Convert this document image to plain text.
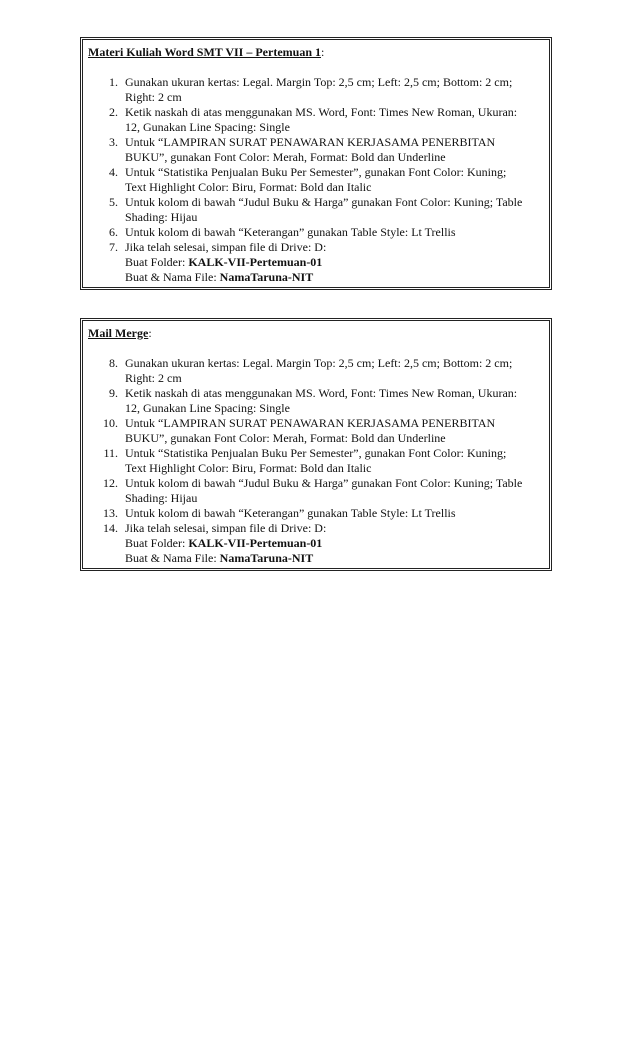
Materi Kuliah Word SMT VII – Pertemuan 1:
1. Gunakan ukuran kertas: Legal. Margin Top: 2,5 cm; Left: 2,5 cm; Bottom: 2 cm;
Right: 2 cm
2. Ketik naskah di atas menggunakan MS. Word, Font: Times New Roman, Ukuran:
12, Gunakan Line Spacing: Single
3. Untuk “LAMPIRAN SURAT PENAWARAN KERJASAMA PENERBITAN
BUKU”, gunakan Font Color: Merah, Format: Bold dan Underline
4. Untuk “Statistika Penjualan Buku Per Semester”, gunakan Font Color: Kuning;
Text Highlight Color: Biru, Format: Bold dan Italic
5. Untuk kolom di bawah “Judul Buku & Harga” gunakan Font Color: Kuning; Table
Shading: Hijau
6. Untuk kolom di bawah “Keterangan” gunakan Table Style: Lt Trellis
7. Jika telah selesai, simpan file di Drive: D:
Buat Folder: KALK-VII-Pertemuan-01
Buat & Nama File: NamaTaruna-NIT
Mail Merge:
8. Gunakan ukuran kertas: Legal. Margin Top: 2,5 cm; Left: 2,5 cm; Bottom: 2 cm;
Right: 2 cm
9. Ketik naskah di atas menggunakan MS. Word, Font: Times New Roman, Ukuran:
12, Gunakan Line Spacing: Single
10. Untuk “LAMPIRAN SURAT PENAWARAN KERJASAMA PENERBITAN
BUKU”, gunakan Font Color: Merah, Format: Bold dan Underline
11. Untuk “Statistika Penjualan Buku Per Semester”, gunakan Font Color: Kuning;
Text Highlight Color: Biru, Format: Bold dan Italic
12. Untuk kolom di bawah “Judul Buku & Harga” gunakan Font Color: Kuning; Table
Shading: Hijau
13. Untuk kolom di bawah “Keterangan” gunakan Table Style: Lt Trellis
14. Jika telah selesai, simpan file di Drive: D:
Buat Folder: KALK-VII-Pertemuan-01
Buat & Nama File: NamaTaruna-NIT
